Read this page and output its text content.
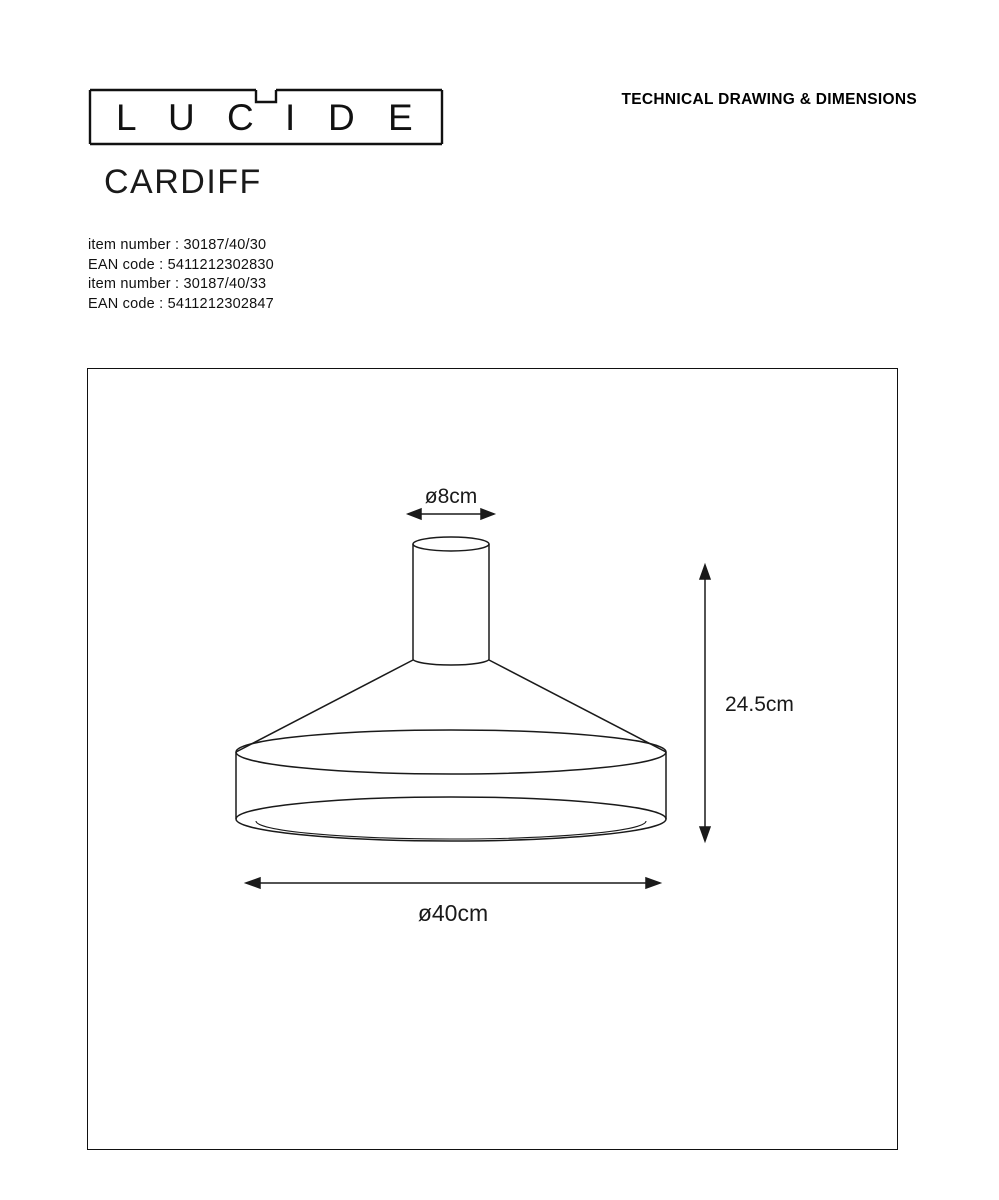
L U C I D E	TECHNICAL DRAWING & DIMENSIONS
CARDIFF
item number : 30187/40/30
EAN code : 5411212302830
item number : 30187/40/33
EAN code : 5411212302847
ø8cm
24.5cm
ø40cm
